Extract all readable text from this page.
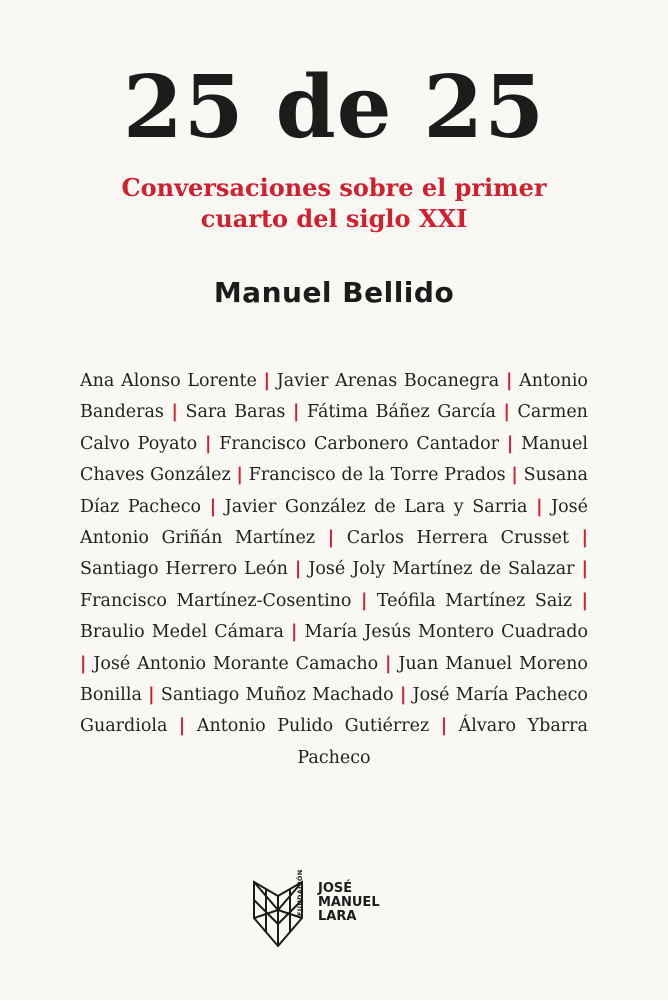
25 de 25
Conversaciones sobre el primer
cuarto del siglo XXI
Manuel Bellido
Ana Alonso Lorente | Javier Arenas Bocanegra | Antonio Banderas | Sara Baras | Fátima Báñez García | Carmen Calvo Poyato | Francisco Carbonero Cantador | Manuel Chaves González | Francisco de la Torre Prados | Susana Díaz Pacheco | Javier González de Lara y Sarria | José Antonio Griñán Martínez | Carlos Herrera Crusset | Santiago Herrero León | José Joly Martínez de Salazar | Francisco Martínez-Cosentino | Teófila Martínez Saiz | Braulio Medel Cámara | María Jesús Montero Cuadrado | José Antonio Morante Camacho | Juan Manuel Moreno Bonilla | Santiago Muñoz Machado | José María Pacheco Guardiola | Antonio Pulido Gutiérrez | Álvaro Ybarra Pacheco
FUNDACIÓN JOSÉ
MANUEL
LARA
